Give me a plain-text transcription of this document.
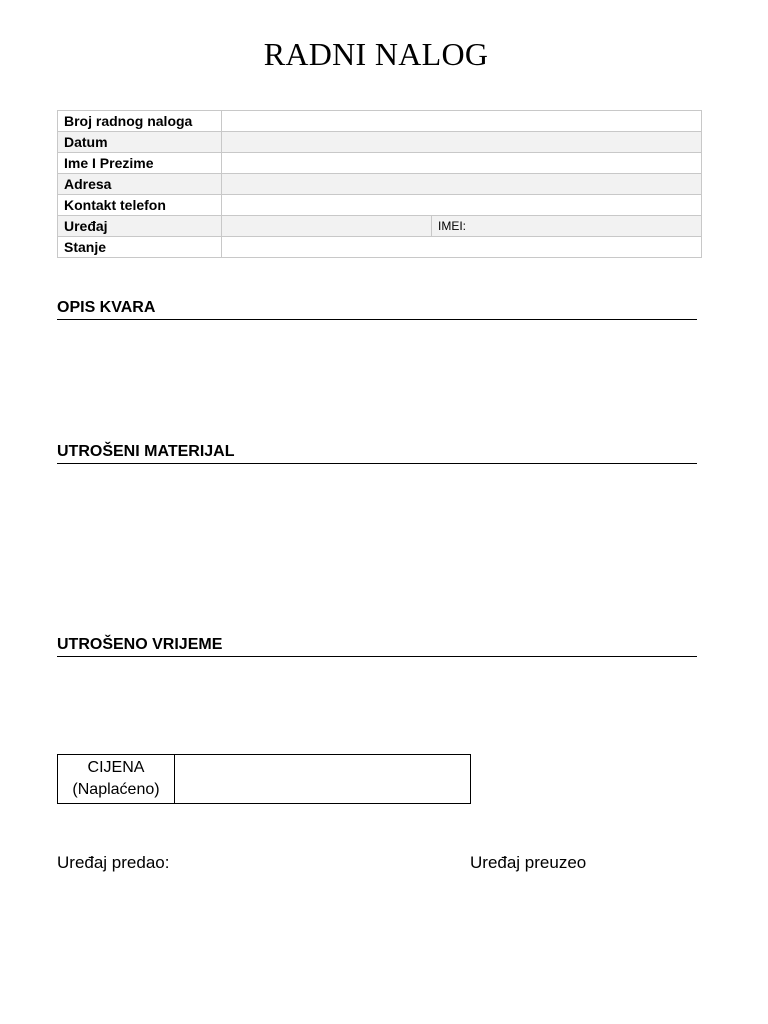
RADNI NALOG
Broj radnog naloga		
Datum		
Ime I Prezime		
Adresa		
Kontakt telefon		
Uređaj		IMEI:
Stanje		
OPIS KVARA
UTROŠENI MATERIJAL
UTROŠENO VRIJEME
CIJENA
(Naplaćeno)	
Uređaj predao:	Uređaj preuzeo
